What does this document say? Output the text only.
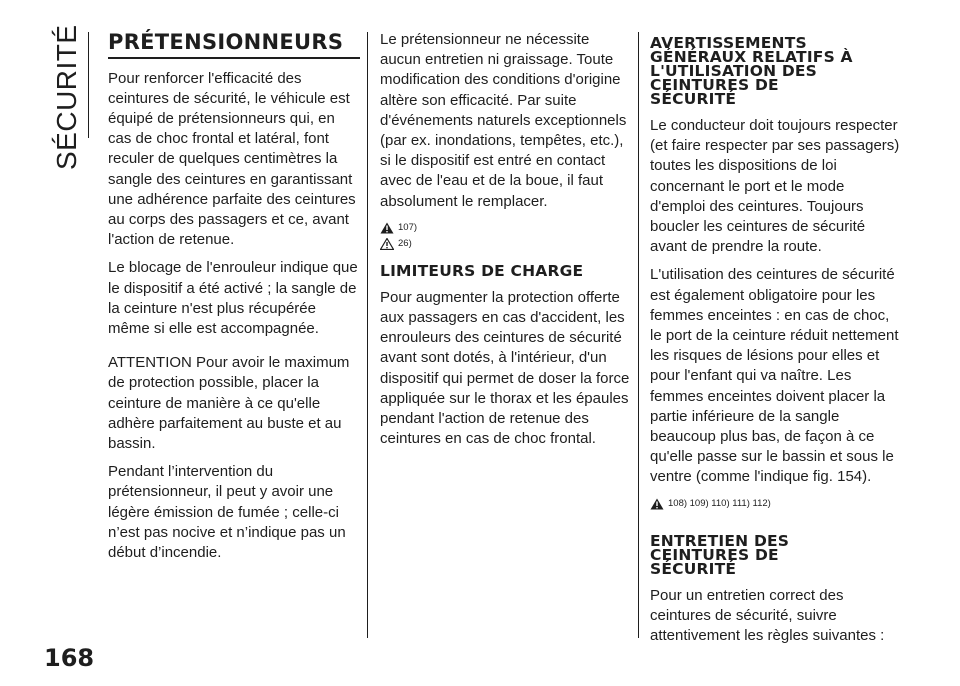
SÉCURITÉ
168
PRÉTENSIONNEURS

Pour renforcer l'efficacité des ceintures de sécurité, le véhicule est équipé de prétensionneurs qui, en cas de choc frontal et latéral, font reculer de quelques centimètres la sangle des ceintures en garantissant une adhérence parfaite des ceintures au corps des passagers et ce, avant l'action de retenue.

Le blocage de l'enrouleur indique que le dispositif a été activé ; la sangle de la ceinture n'est plus récupérée même si elle est accompagnée.

ATTENTION Pour avoir le maximum de protection possible, placer la ceinture de manière à ce qu'elle adhère parfaitement au buste et au bassin.

Pendant l’intervention du prétensionneur, il peut y avoir une légère émission de fumée ; celle-ci n’est pas nocive et n’indique pas un début d’incendie.

Le prétensionneur ne nécessite aucun entretien ni graissage. Toute modification des conditions d'origine altère son efficacité. Par suite d'événements naturels exceptionnels (par ex. inondations, tempêtes, etc.), si le dispositif est entré en contact avec de l'eau et de la boue, il faut absolument le remplacer.

107)
26)
LIMITEURS DE CHARGE

Pour augmenter la protection offerte aux passagers en cas d'accident, les enrouleurs des ceintures de sécurité avant sont dotés, à l'intérieur, d'un dispositif qui permet de doser la force appliquée sur le thorax et les épaules pendant l'action de retenue des ceintures en cas de choc frontal.

AVERTISSEMENTS GÉNÉRAUX RELATIFS À L'UTILISATION DES CEINTURES DE SÉCURITÉ

Le conducteur doit toujours respecter (et faire respecter par ses passagers) toutes les dispositions de loi concernant le port et le mode d'emploi des ceintures. Toujours boucler les ceintures de sécurité avant de prendre la route.

L'utilisation des ceintures de sécurité est également obligatoire pour les femmes enceintes : en cas de choc, le port de la ceinture réduit nettement les risques de lésions pour elles et pour l'enfant qui va naître. Les femmes enceintes doivent placer la partie inférieure de la sangle beaucoup plus bas, de façon à ce qu'elle passe sur le bassin et sous le ventre (comme l'indique fig. 154).

108) 109) 110) 111) 112)
ENTRETIEN DES CEINTURES DE SÉCURITÉ

Pour un entretien correct des ceintures de sécurité, suivre attentivement les règles suivantes :
